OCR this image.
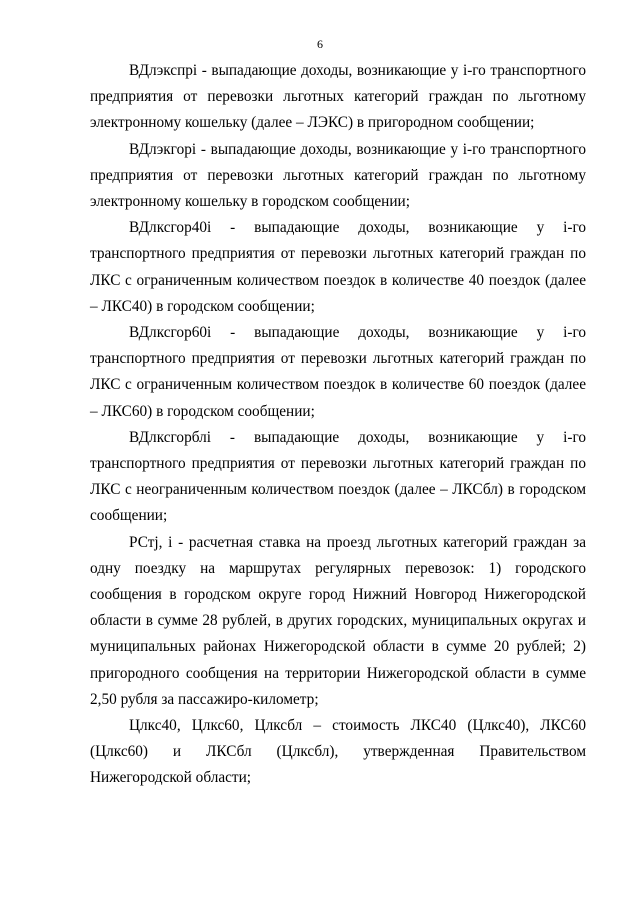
6

ВДлэкспрi - выпадающие доходы, возникающие у i-го транспортного предприятия от перевозки льготных категорий граждан по льготному электронному кошельку (далее – ЛЭКС) в пригородном сообщении;

ВДлэкгорi - выпадающие доходы, возникающие у i-го транспортного предприятия от перевозки льготных категорий граждан по льготному электронному кошельку в городском сообщении;

ВДлксгор40i - выпадающие доходы, возникающие у i-го транспортного предприятия от перевозки льготных категорий граждан по ЛКС с ограниченным количеством поездок в количестве 40 поездок (далее – ЛКС40) в городском сообщении;

ВДлксгор60i - выпадающие доходы, возникающие у i-го транспортного предприятия от перевозки льготных категорий граждан по ЛКС с ограниченным количеством поездок в количестве 60 поездок (далее – ЛКС60) в городском сообщении;

ВДлксгорблi - выпадающие доходы, возникающие у i-го транспортного предприятия от перевозки льготных категорий граждан по ЛКС с неограниченным количеством поездок (далее – ЛКСбл) в городском сообщении;

РСтj, i - расчетная ставка на проезд льготных категорий граждан за одну поездку на маршрутах регулярных перевозок: 1) городского сообщения в городском округе город Нижний Новгород Нижегородской области в сумме 28 рублей, в других городских, муниципальных округах и муниципальных районах Нижегородской области в сумме 20 рублей; 2) пригородного сообщения на территории Нижегородской области в сумме 2,50 рубля за пассажиро-километр;

Цлкс40, Цлкс60, Цлксбл – стоимость ЛКС40 (Цлкс40), ЛКС60 (Цлкс60) и ЛКСбл (Цлксбл), утвержденная Правительством Нижегородской области;
